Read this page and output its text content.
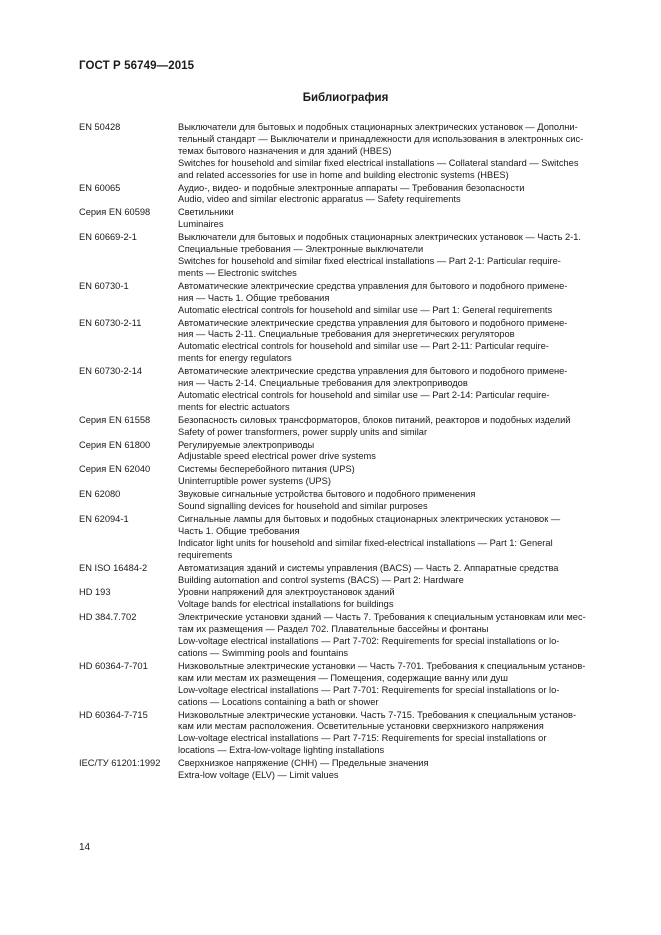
ГОСТ Р 56749—2015
Библиография
EN 50428	Выключатели для бытовых и подобных стационарных электрических установок — Дополни-
тельный стандарт — Выключатели и принадлежности для использования в электронных сис-
темах бытового назначения и для зданий (HBES)
Switches for household and similar fixed electrical installations — Collateral standard — Switches
and related accessories for use in home and building electronic systems (HBES)
EN 60065	Аудио-, видео- и подобные электронные аппараты — Требования безопасности
Audio, video and similar electronic apparatus — Safety requirements
Серия EN 60598	Светильники
Luminaires
EN 60669-2-1	Выключатели для бытовых и подобных стационарных электрических установок — Часть 2-1.
Специальные требования — Электронные выключатели
Switches for household and similar fixed electrical installations — Part 2-1: Particular require-
ments — Electronic switches
EN 60730-1	Автоматические электрические средства управления для бытового и подобного примене-
ния — Часть 1. Общие требования
Automatic electrical controls for household and similar use — Part 1: General requirements
EN 60730-2-11	Автоматические электрические средства управления для бытового и подобного примене-
ния — Часть 2-11. Специальные требования для энергетических регуляторов
Automatic electrical controls for household and similar use — Part 2-11: Particular require-
ments for energy regulators
EN 60730-2-14	Автоматические электрические средства управления для бытового и подобного примене-
ния — Часть 2-14. Специальные требования для электроприводов
Automatic electrical controls for household and similar use — Part 2-14: Particular require-
ments for electric actuators
Серия EN 61558	Безопасность силовых трансформаторов, блоков питаний, реакторов и подобных изделий
Safety of power transformers, power supply units and similar
Серия EN 61800	Регулируемые электроприводы
Adjustable speed electrical power drive systems
Серия EN 62040	Системы бесперебойного питания (UPS)
Uninterruptible power systems (UPS)
EN 62080	Звуковые сигнальные устройства бытового и подобного применения
Sound signalling devices for household and similar purposes
EN 62094-1	Сигнальные лампы для бытовых и подобных стационарных электрических установок —
Часть 1. Общие требования
Indicator light units for household and similar fixed-electrical installations — Part 1: General
requirements
EN ISO 16484-2	Автоматизация зданий и системы управления (BACS) — Часть 2. Аппаратные средства
Building automation and control systems (BACS) — Part 2: Hardware
HD 193	Уровни напряжений для электроустановок зданий
Voltage bands for electrical installations for buildings
HD 384.7.702	Электрические установки зданий — Часть 7. Требования к специальным установкам или мес-
там их размещения — Раздел 702. Плавательные бассейны и фонтаны
Low-voltage electrical installations — Part 7-702: Requirements for special installations or lo-
cations — Swimming pools and fountains
HD 60364-7-701	Низковольтные электрические установки — Часть 7-701. Требования к специальным установ-
кам или местам их размещения — Помещения, содержащие ванну или душ
Low-voltage electrical installations — Part 7-701: Requirements for special installations or lo-
cations — Locations containing a bath or shower
HD 60364-7-715	Низковольтные электрические установки. Часть 7-715. Требования к специальным установ-
кам или местам расположения. Осветительные установки сверхнизкого напряжения
Low-voltage electrical installations — Part 7-715: Requirements for special installations or
locations — Extra-low-voltage lighting installations
IEC/TУ 61201:1992	Сверхнизкое напряжение (СНН) — Предельные значения
Extra-low voltage (ELV) — Limit values
14
